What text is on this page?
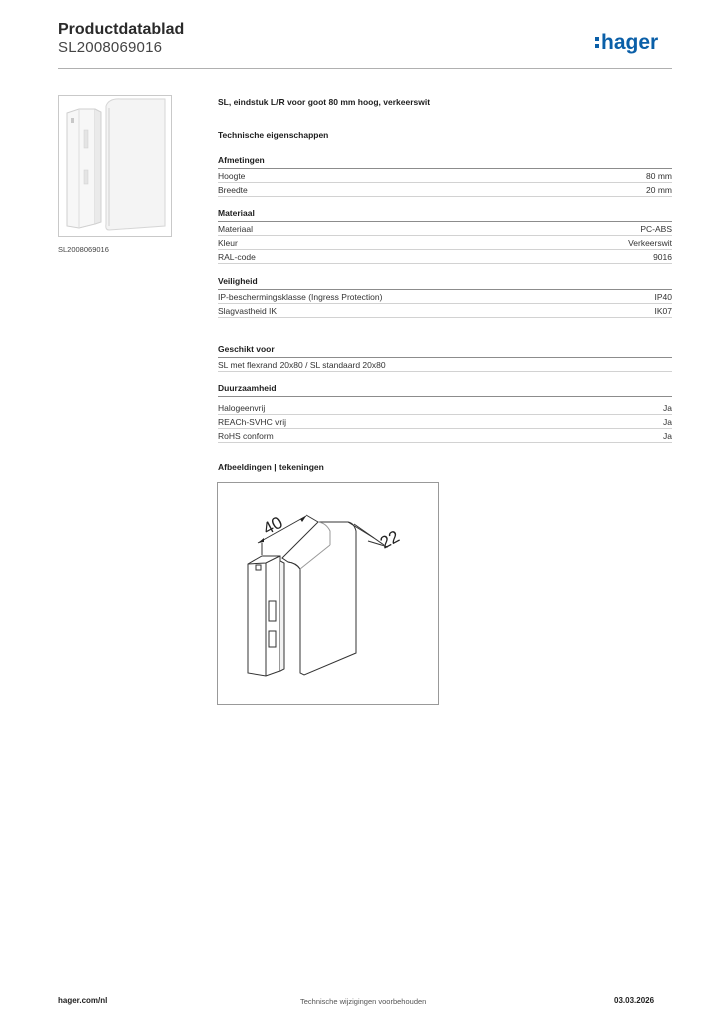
Productdatablad
SL2008069016	hager
SL2008069016
SL, eindstuk L/R voor goot 80 mm hoog, verkeerswit
Technische eigenschappen
Afmetingen
Hoogte	80 mm
Breedte	20 mm
Materiaal
Materiaal	PC-ABS
Kleur	Verkeerswit
RAL-code	9016
Veiligheid
IP-beschermingsklasse (Ingress Protection)	IP40
Slagvastheid IK	IK07
Geschikt voor
SL met flexrand 20x80 / SL standaard 20x80
Duurzaamheid
Halogeenvrij	Ja
REACh-SVHC vrij	Ja
RoHS conform	Ja
Afbeeldingen | tekeningen
40
22
hager.com/nl	Technische wijzigingen voorbehouden	03.03.2026
